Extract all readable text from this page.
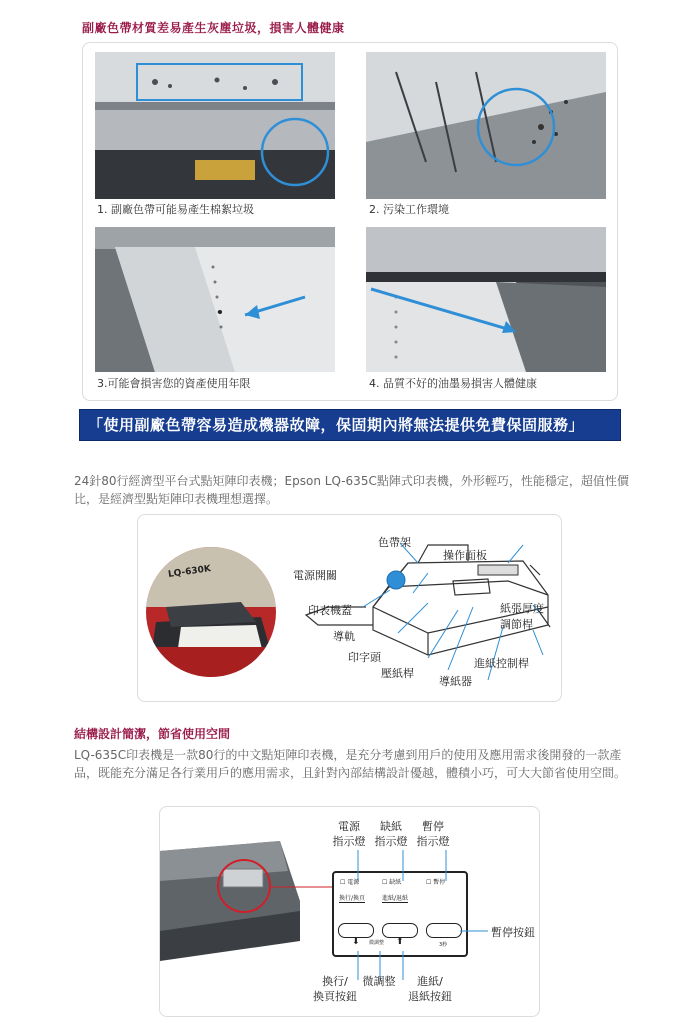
副廠色帶材質差易產生灰塵垃圾，損害人體健康
1. 副廠色帶可能易產生棉絮垃圾	2. 污染工作環境
3.可能會損害您的資產使用年限	4. 品質不好的油墨易損害人體健康
「使用副廠色帶容易造成機器故障，保固期內將無法提供免費保固服務」
24針80行經濟型平台式點矩陣印表機；Epson LQ-635C點陣式印表機，外形輕巧，性能穩定，超值性價比，是經濟型點矩陣印表機理想選擇。
LQ-630K
色帶架
操作面板
電源開關
印表機蓋	紙張厚度
調節桿
導軌
印字頭
壓紙桿
進紙控制桿
導紙器
結構設計簡潔，節省使用空間
LQ-635C印表機是一款80行的中文點矩陣印表機，是充分考慮到用戶的使用及應用需求後開發的一款產品，既能充分滿足各行業用戶的應用需求，且針對內部結構設計優越，體積小巧，可大大節省使用空間。
☐ 電源	☐ 缺紙	☐ 暫停
換行/換頁	進紙/退紙
⬇ 微調整 ⬆	3秒
電源
指示燈
缺紙
指示燈
暫停
指示燈
暫停按鈕
換行/
換頁按鈕
微調整	進紙/
退紙按鈕
